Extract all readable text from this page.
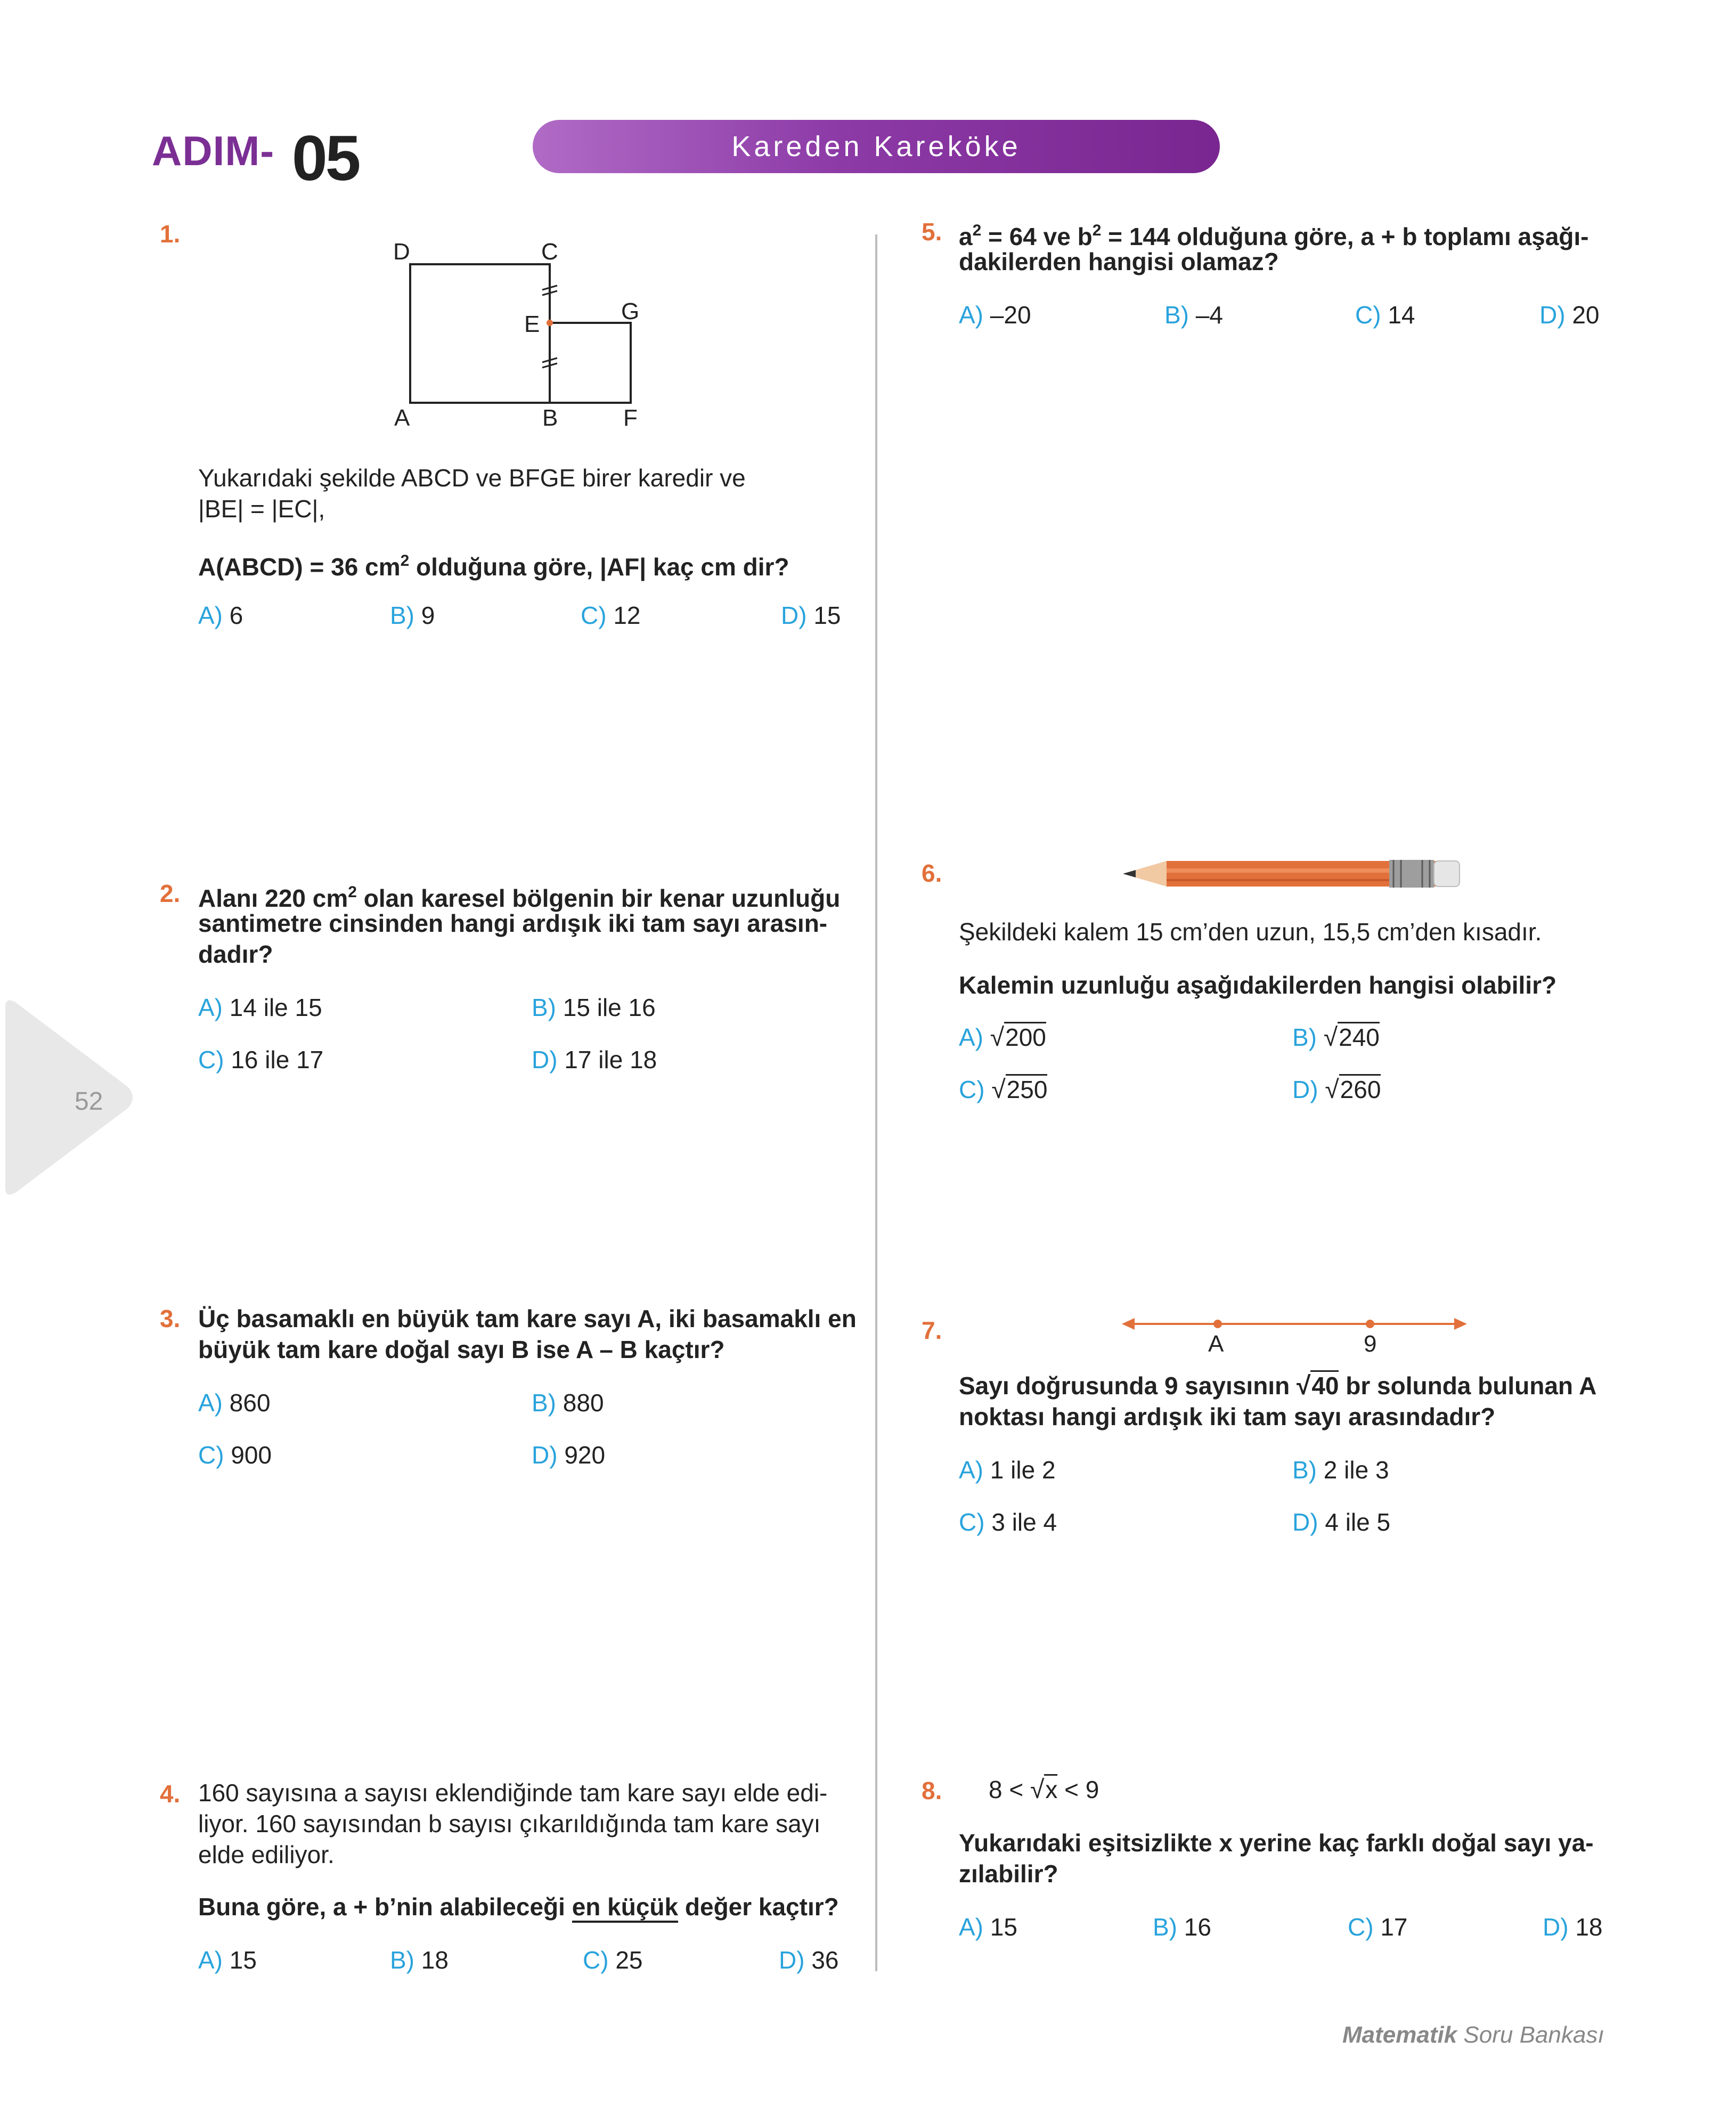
ADIM- 05	Kareden Kareköke
52
1.
D	C
E	G
A	B	F
Yukarıdaki şekilde ABCD ve BFGE birer karedir ve
|BE| = |EC|,
A(ABCD) = 36 $cm^2$ olduğuna göre, |AF| kaç cm dir?
A) 6	B) 9	C) 12	D) 15
2. Alanı 220 $cm^2$ olan karesel bölgenin bir kenar uzunluğu
santimetre cinsinden hangi ardışık iki tam sayı arasın-
dadır?
A) 14 ile 15	B) 15 ile 16
C) 16 ile 17	D) 17 ile 18
3. Üç basamaklı en büyük tam kare sayı A, iki basamaklı en
büyük tam kare doğal sayı B ise A – B kaçtır?
A) 860	B) 880
C) 900	D) 920
4. 160 sayısına a sayısı eklendiğinde tam kare sayı elde edi-
liyor. 160 sayısından b sayısı çıkarıldığında tam kare sayı
elde ediliyor.
Buna göre, a + b’nin alabileceği en küçük değer kaçtır?
A) 15	B) 18	C) 25	D) 36
5. $a^2 = 64$ ve $b^2 = 144$ olduğuna göre, a + b toplamı aşağı-
dakilerden hangisi olamaz?
A) –20	B) –4	C) 14	D) 20
6.
Şekildeki kalem 15 cm’den uzun, 15,5 cm’den kısadır.
Kalemin uzunluğu aşağıdakilerden hangisi olabilir?
A) √200	B) √240
C) √250	D) √260
7.	A	9
Sayı doğrusunda 9 sayısının √40 br solunda bulunan A
noktası hangi ardışık iki tam sayı arasındadır?
A) 1 ile 2	B) 2 ile 3
C) 3 ile 4	D) 4 ile 5
8. 8 < √x < 9
Yukarıdaki eşitsizlikte x yerine kaç farklı doğal sayı ya-
zılabilir?
A) 15	B) 16	C) 17	D) 18
Matematik Soru Bankası
